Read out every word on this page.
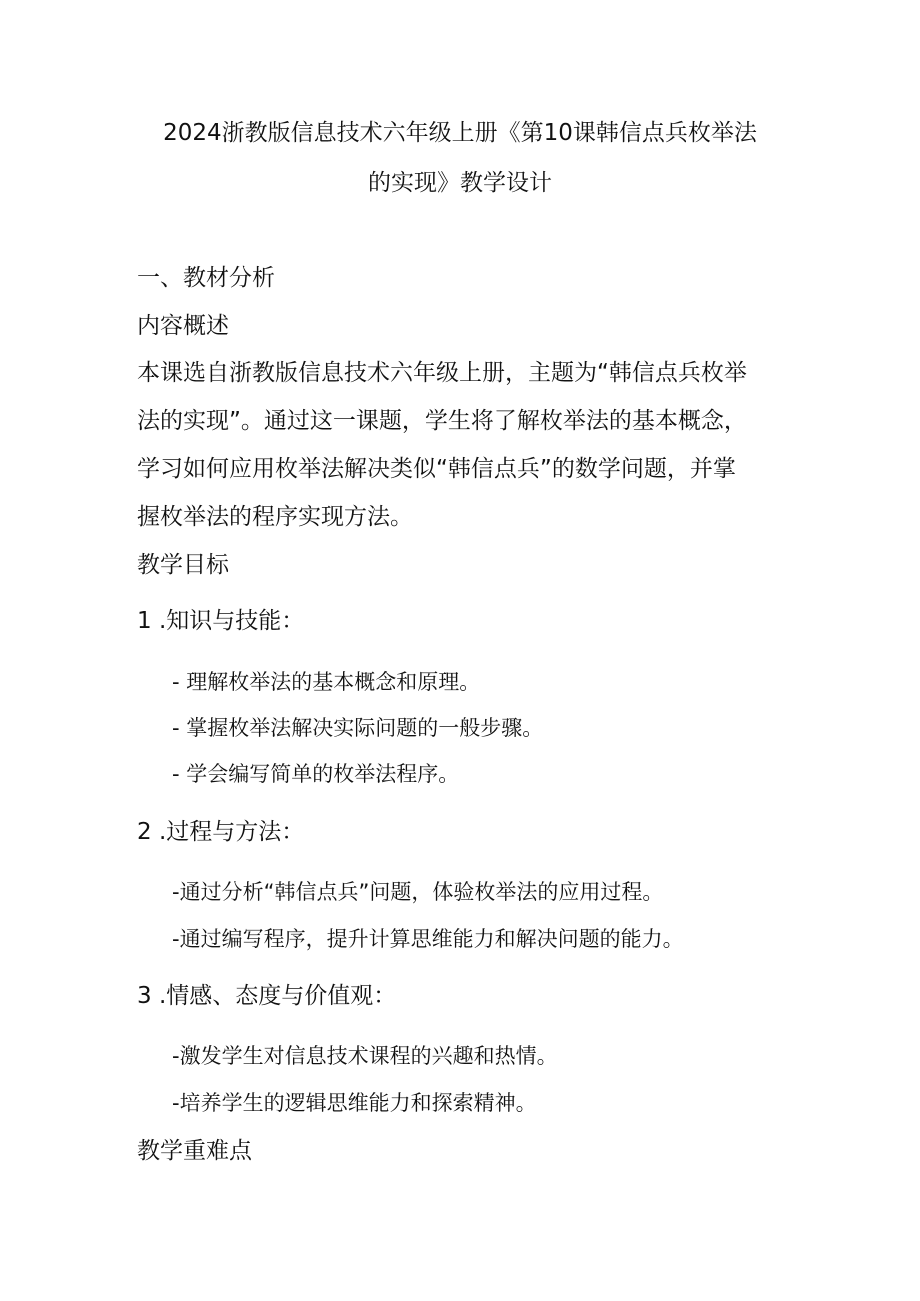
2024浙教版信息技术六年级上册《第10课韩信点兵枚举法
的实现》教学设计

一、教材分析

内容概述

本课选自浙教版信息技术六年级上册，主题为“韩信点兵枚举

法的实现”。通过这一课题，学生将了解枚举法的基本概念，

学习如何应用枚举法解决类似“韩信点兵”的数学问题，并掌

握枚举法的程序实现方法。

教学目标

1 .知识与技能：

- 理解枚举法的基本概念和原理。

- 掌握枚举法解决实际问题的一般步骤。

- 学会编写简单的枚举法程序。

2 .过程与方法：

-通过分析“韩信点兵”问题，体验枚举法的应用过程。

-通过编写程序，提升计算思维能力和解决问题的能力。

3 .情感、态度与价值观：

-激发学生对信息技术课程的兴趣和热情。

-培养学生的逻辑思维能力和探索精神。

教学重难点
